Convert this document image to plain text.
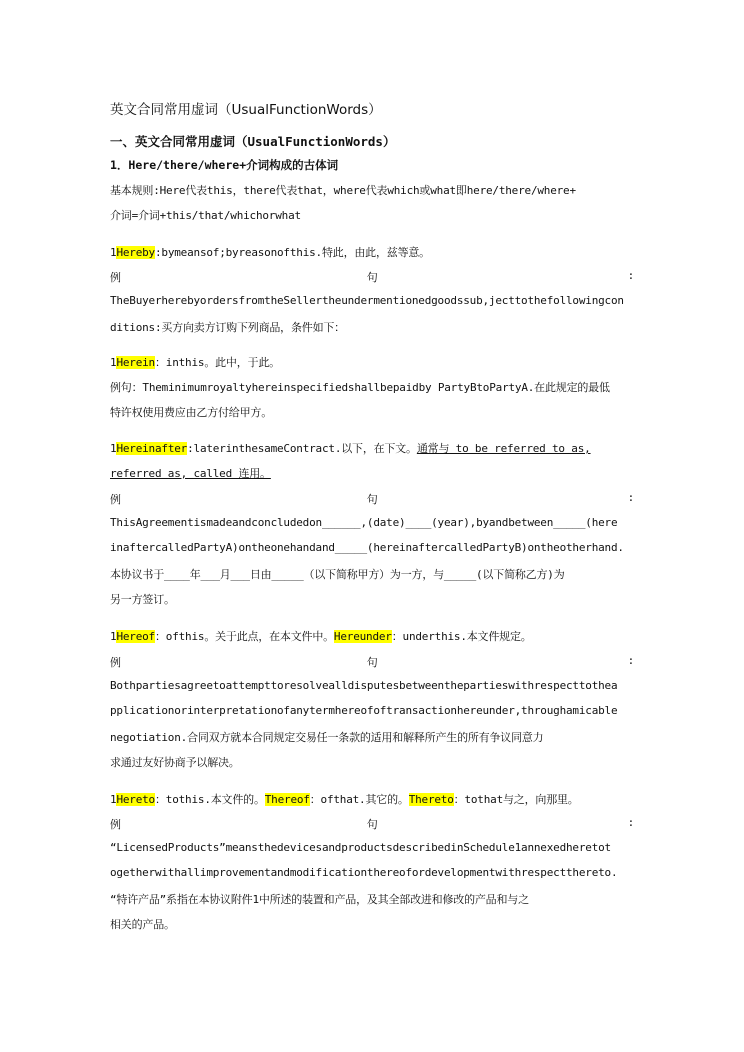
英文合同常用虚词（UsualFunctionWords）
一、英文合同常用虚词（UsualFunctionWords）
1．Here/there/where+介词构成的古体词
基本规则:Here代表this，there代表that，where代表which或what即here/there/where+
介词=介词+this/that/whichorwhat
1Hereby:bymeansof;byreasonofthis.特此，由此，兹等意。
例	句	:
TheBuyerherebyordersfromtheSellertheundermentionedgoodssub,jecttothefollowingcon
ditions:买方向卖方订购下列商品，条件如下：
1Herein：inthis。此中，于此。
例句：Theminimumroyaltyhereinspecifiedshallbepaidby PartyBtoPartyA.在此规定的最低
特许权使用费应由乙方付给甲方。
1Hereinafter:laterinthesameContract.以下，在下文。通常与 to be referred to as,
referred as, called 连用。
例	句	:
ThisAgreementismadeandconcludedon______,(date)____(year),byandbetween_____(here
inaftercalledPartyA)ontheonehandand_____(hereinaftercalledPartyB)ontheotherhand.
本协议书于____年___月___日由_____（以下简称甲方）为一方，与_____(以下简称乙方)为
另一方签订。
1Hereof：ofthis。关于此点，在本文件中。Hereunder：underthis.本文件规定。
例	句	:
Bothpartiesagreetoattempttoresolvealldisputesbetweenthepartieswithrespecttothea
pplicationorinterpretationofanytermhereofoftransactionhereunder,throughamicable
negotiation.合同双方就本合同规定交易任一条款的适用和解释所产生的所有争议同意力
求通过友好协商予以解决。
1Hereto：tothis.本文件的。Thereof：ofthat.其它的。Thereto：tothat与之，向那里。
例	句	:
“LicensedProducts”meansthedevicesandproductsdescribedinSchedule1annexedheretot
ogetherwithallimprovementandmodificationthereofordevelopmentwithrespectthereto.
“特许产品”系指在本协议附件1中所述的装置和产品，及其全部改进和修改的产品和与之
相关的产品。
